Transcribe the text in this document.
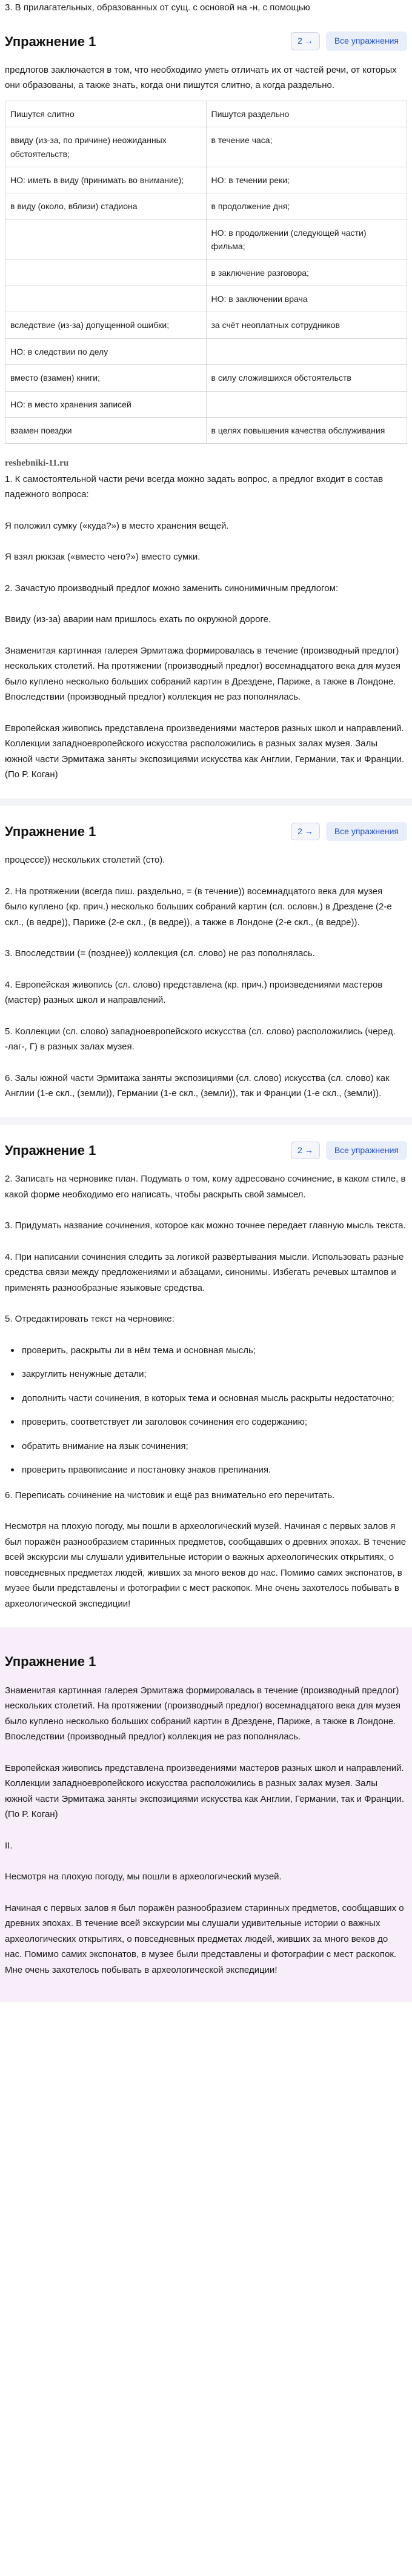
3. В прилагательных, образованных от сущ. с основой на -н, с помощью

Упражнение 1	2 →	Все упражнения

предлогов заключается в том, что необходимо уметь отличать их от частей речи, от которых они образованы, а также знать, когда они пишутся слитно, а когда раздельно.

Пишутся слитно	Пишутся раздельно
ввиду (из-за, по причине) неожиданных обстоятельств;	в течение часа;
НО: иметь в виду (принимать во внимание);	НО: в течении реки;
в виду (около, вблизи) стадиона	в продолжение дня;
	НО: в продолжении (следующей части) фильма;
	в заключение разговора;
	НО: в заключении врача
вследствие (из-за) допущенной ошибки;	за счёт неоплатных сотрудников
НО: в следствии по делу	
вместо (взамен) книги;	в силу сложившихся обстоятельств
НО: в место хранения записей	
взамен поездки	в целях повышения качества обслуживания
reshebniki-11.ru

1. К самостоятельной части речи всегда можно задать вопрос, а предлог входит в состав падежного вопроса:

Я положил сумку («куда?») в место хранения вещей.

Я взял рюкзак («вместо чего?») вместо сумки.

2. Зачастую производный предлог можно заменить синонимичным предлогом:

Ввиду (из-за) аварии нам пришлось ехать по окружной дороге.

Знаменитая картинная галерея Эрмитажа формировалась в течение (производный предлог) нескольких столетий. На протяжении (производный предлог) восемнадцатого века для музея было куплено несколько больших собраний картин в Дрездене, Париже, а также в Лондоне. Впоследствии (производный предлог) коллекция не раз пополнялась.

Европейская живопись представлена произведениями мастеров разных школ и направлений. Коллекции западноевропейского искусства расположились в разных залах музея. Залы южной части Эрмитажа заняты экспозициями искусства как Англии, Германии, так и Франции. (По Р. Коган)

Упражнение 1	2 →	Все упражнения

процессе)) нескольких столетий (сто).

2. На протяжении (всегда пиш. раздельно, = (в течение)) восемнадцатого века для музея было куплено (кр. прич.) несколько больших собраний картин (сл. ословн.) в Дрездене (2-е скл., (в ведре)), Париже (2-е скл., (в ведре)), а также в Лондоне (2-е скл., (в ведре)).

3. Впоследствии (= (позднее)) коллекция (сл. слово) не раз пополнялась.

4. Европейская живопись (сл. слово) представлена (кр. прич.) произведениями мастеров (мастер) разных школ и направлений.

5. Коллекции (сл. слово) западноевропейского искусства (сл. слово) расположились (черед. -лаг-, Г) в разных залах музея.

6. Залы южной части Эрмитажа заняты экспозициями (сл. слово) искусства (сл. слово) как Англии (1-е скл., (земли)), Германии (1-е скл., (земли)), так и Франции (1-е скл., (земли)).

Упражнение 1	2 →	Все упражнения

2. Записать на черновике план. Подумать о том, кому адресовано сочинение, в каком стиле, в какой форме необходимо его написать, чтобы раскрыть свой замысел.

3. Придумать название сочинения, которое как можно точнее передает главную мысль текста.

4. При написании сочинения следить за логикой развёртывания мысли. Использовать разные средства связи между предложениями и абзацами, синонимы. Избегать речевых штампов и применять разнообразные языковые средства.

5. Отредактировать текст на черновике:

проверить, раскрыты ли в нём тема и основная мысль;
закруглить ненужные детали;
дополнить части сочинения, в которых тема и основная мысль раскрыты недостаточно;
проверить, соответствует ли заголовок сочинения его содержанию;
обратить внимание на язык сочинения;
проверить правописание и постановку знаков препинания.

6. Переписать сочинение на чистовик и ещё раз внимательно его перечитать.

Несмотря на плохую погоду, мы пошли в археологический музей. Начиная с первых залов я был поражён разнообразием старинных предметов, сообщавших о древних эпохах. В течение всей экскурсии мы слушали удивительные истории о важных археологических открытиях, о повседневных предметах людей, живших за много веков до нас. Помимо самих экспонатов, в музее были представлены и фотографии с мест раскопок. Мне очень захотелось побывать в археологической экспедиции!

Упражнение 1

Знаменитая картинная галерея Эрмитажа формировалась в течение (производный предлог) нескольких столетий. На протяжении (производный предлог) восемнадцатого века для музея было куплено несколько больших собраний картин в Дрездене, Париже, а также в Лондоне. Впоследствии (производный предлог) коллекция не раз пополнялась.

Европейская живопись представлена произведениями мастеров разных школ и направлений. Коллекции западноевропейского искусства расположились в разных залах музея. Залы южной части Эрмитажа заняты экспозициями искусства как Англии, Германии, так и Франции. (По Р. Коган)

II.

Несмотря на плохую погоду, мы пошли в археологический музей.

Начиная с первых залов я был поражён разнообразием старинных предметов, сообщавших о древних эпохах. В течение всей экскурсии мы слушали удивительные истории о важных археологических открытиях, о повседневных предметах людей, живших за много веков до нас. Помимо самих экспонатов, в музее были представлены и фотографии с мест раскопок. Мне очень захотелось побывать в археологической экспедиции!
